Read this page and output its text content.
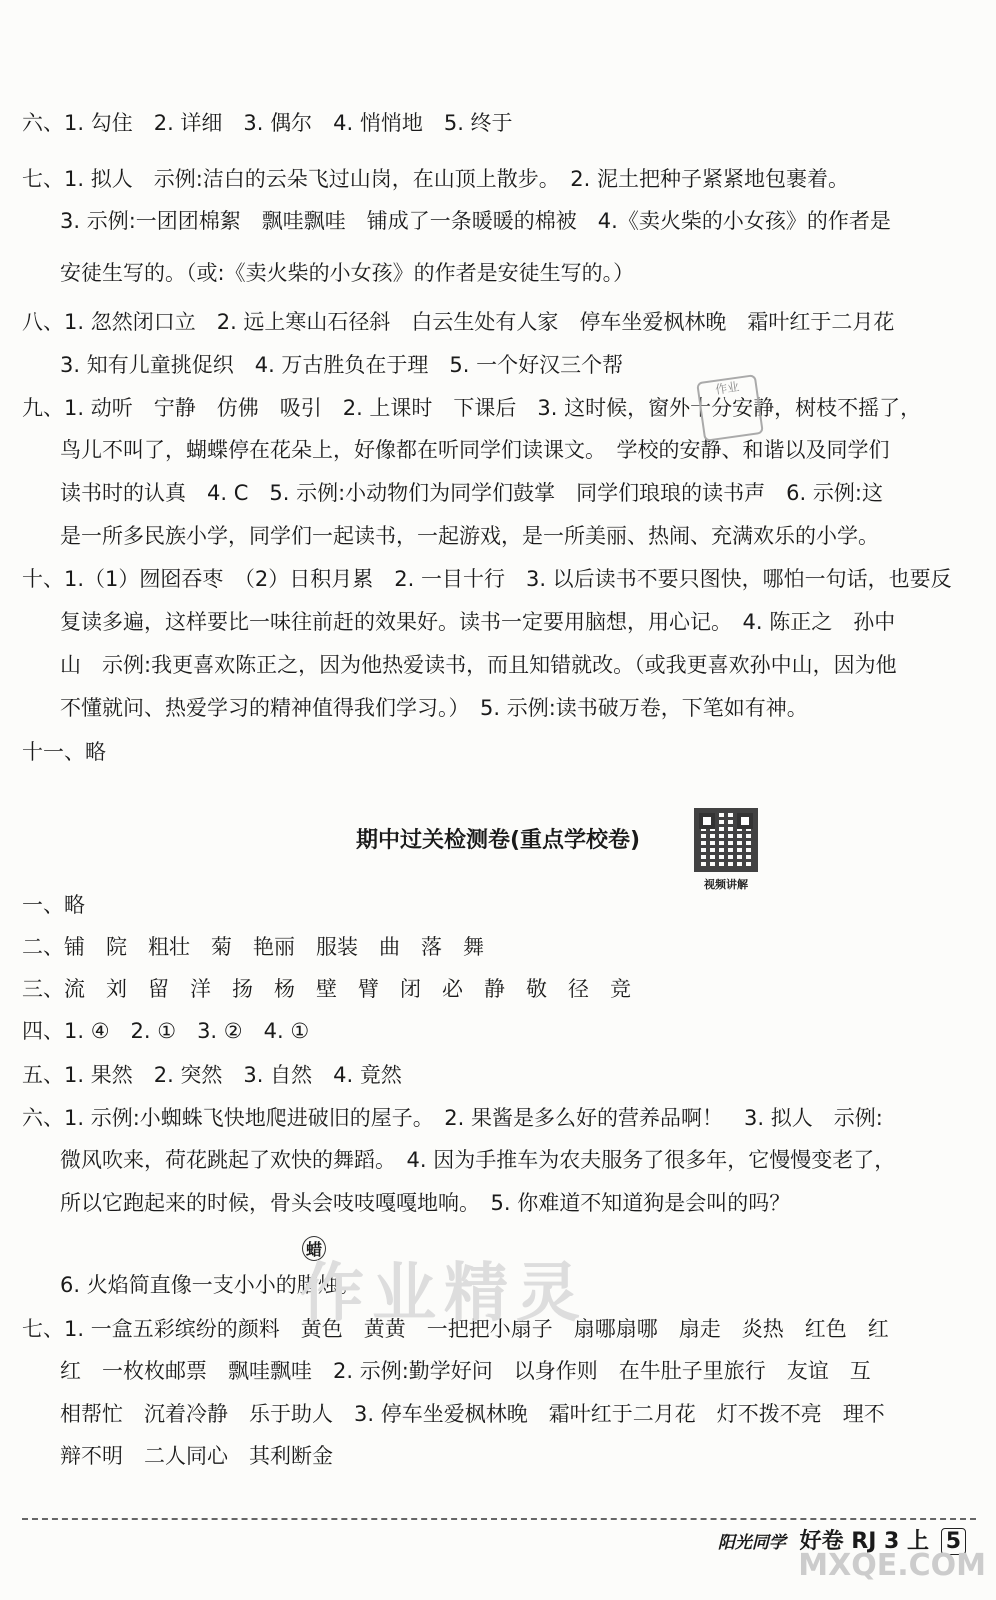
六、1. 勾住　2. 详细　3. 偶尔　4. 悄悄地　5. 终于
七、1. 拟人　示例:洁白的云朵飞过山岗，在山顶上散步。　2. 泥土把种子紧紧地包裹着。
3. 示例:一团团棉絮　飘哇飘哇　铺成了一条暖暖的棉被　4.《卖火柴的小女孩》的作者是
安徒生写的。（或:《卖火柴的小女孩》的作者是安徒生写的。）
八、1. 忽然闭口立　2. 远上寒山石径斜　白云生处有人家　停车坐爱枫林晚　霜叶红于二月花
3. 知有儿童挑促织　4. 万古胜负在于理　5. 一个好汉三个帮
九、1. 动听　宁静　仿佛　吸引　2. 上课时　下课后　3. 这时候，窗外十分安静，树枝不摇了，
鸟儿不叫了，蝴蝶停在花朵上，好像都在听同学们读课文。　学校的安静、和谐以及同学们
读书时的认真　4. C　5. 示例:小动物们为同学们鼓掌　同学们琅琅的读书声　6. 示例:这
是一所多民族小学，同学们一起读书，一起游戏，是一所美丽、热闹、充满欢乐的小学。
十、1.（1）囫囵吞枣　（2）日积月累　2. 一目十行　3. 以后读书不要只图快，哪怕一句话，也要反
复读多遍，这样要比一味往前赶的效果好。读书一定要用脑想，用心记。　4. 陈正之　孙中
山　示例:我更喜欢陈正之，因为他热爱读书，而且知错就改。（或我更喜欢孙中山，因为他
不懂就问、热爱学习的精神值得我们学习。）　5. 示例:读书破万卷，下笔如有神。
十一、略
作业
期中过关检测卷(重点学校卷)
视频讲解
一、略
二、铺　院　粗壮　菊　艳丽　服装　曲　落　舞
三、流　刘　留　洋　扬　杨　壁　臂　闭　必　静　敬　径　竞
四、1. ④　2. ①　3. ②　4. ①
五、1. 果然　2. 突然　3. 自然　4. 竟然
六、1. 示例:小蜘蛛飞快地爬进破旧的屋子。　2. 果酱是多么好的营养品啊！　3. 拟人　示例:
微风吹来，荷花跳起了欢快的舞蹈。　4. 因为手推车为农夫服务了很多年，它慢慢变老了，
所以它跑起来的时候，骨头会吱吱嘎嘎地响。　5. 你难道不知道狗是会叫的吗？
6. 火焰简直像一支小小的腊烛。
蜡
七、1. 一盒五彩缤纷的颜料　黄色　黄黄　一把把小扇子　扇哪扇哪　扇走　炎热　红色　红
红　一枚枚邮票　飘哇飘哇　2. 示例:勤学好问　以身作则　在牛肚子里旅行　友谊　互
相帮忙　沉着冷静　乐于助人　3. 停车坐爱枫林晚　霜叶红于二月花　灯不拨不亮　理不
辩不明　二人同心　其利断金
作业精灵
阳光同学 好卷 RJ 3 上 5
MXQE.COM
